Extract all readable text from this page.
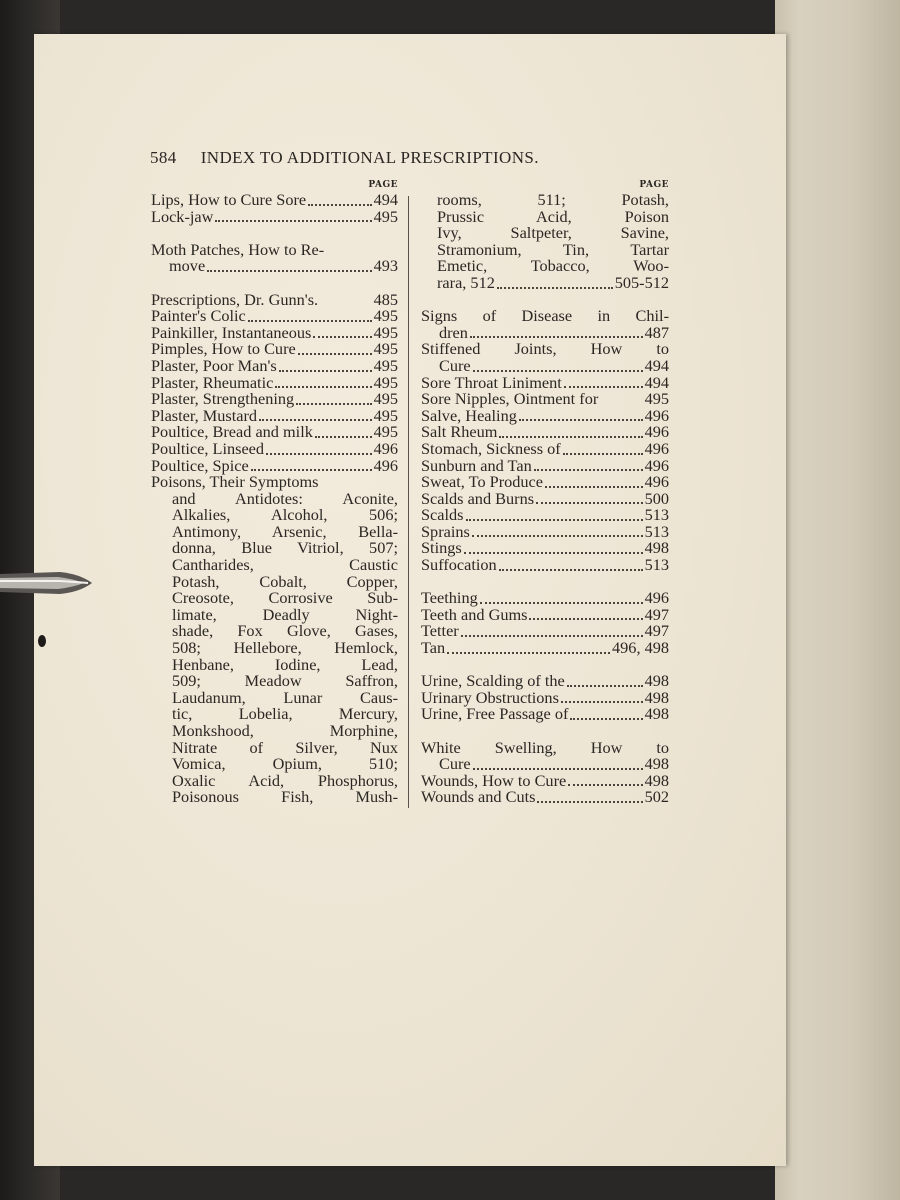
584 INDEX TO ADDITIONAL PRESCRIPTIONS.
PAGE
Lips, How to Cure Sore	494
Lock-jaw	495
Moth Patches, How to Re-
move	493
Prescriptions, Dr. Gunn's.	485
Painter's Colic	495
Painkiller, Instantaneous	495
Pimples, How to Cure	495
Plaster, Poor Man's	495
Plaster, Rheumatic	495
Plaster, Strengthening	495
Plaster, Mustard	495
Poultice, Bread and milk	495
Poultice, Linseed	496
Poultice, Spice	496
Poisons, Their Symptoms
and Antidotes: Aconite,
Alkalies, Alcohol, 506;
Antimony, Arsenic, Bella-
donna, Blue Vitriol, 507;
Cantharides, Caustic
Potash, Cobalt, Copper,
Creosote, Corrosive Sub-
limate, Deadly Night-
shade, Fox Glove, Gases,
508; Hellebore, Hemlock,
Henbane, Iodine, Lead,
509; Meadow Saffron,
Laudanum, Lunar Caus-
tic, Lobelia, Mercury,
Monkshood, Morphine,
Nitrate of Silver, Nux
Vomica, Opium, 510;
Oxalic Acid, Phosphorus,
Poisonous Fish, Mush-
PAGE
rooms, 511; Potash,
Prussic Acid, Poison
Ivy, Saltpeter, Savine,
Stramonium, Tin, Tartar
Emetic, Tobacco, Woo-
rara, 512	505-512
Signs of Disease in Chil-
dren	487
Stiffened Joints, How to
Cure	494
Sore Throat Liniment	494
Sore Nipples, Ointment for	495
Salve, Healing	496
Salt Rheum	496
Stomach, Sickness of	496
Sunburn and Tan	496
Sweat, To Produce	496
Scalds and Burns	500
Scalds	513
Sprains	513
Stings	498
Suffocation	513
Teething	496
Teeth and Gums	497
Tetter	497
Tan	496, 498
Urine, Scalding of the	498
Urinary Obstructions	498
Urine, Free Passage of	498
White Swelling, How to
Cure	498
Wounds, How to Cure	498
Wounds and Cuts	502
